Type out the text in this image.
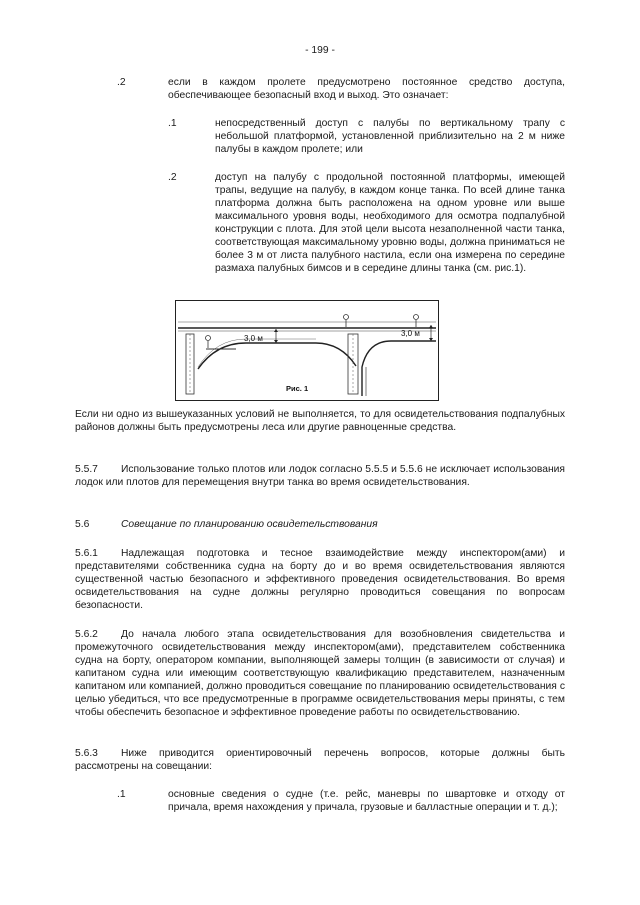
- 199 -
.2	если в каждом пролете предусмотрено постоянное средство доступа, обеспечивающее безопасный вход и выход. Это означает:
.1	непосредственный доступ с палубы по вертикальному трапу с небольшой платформой, установленной приблизительно на 2 м ниже палубы в каждом пролете; или
.2	доступ на палубу с продольной постоянной платформы, имеющей трапы, ведущие на палубу, в каждом конце танка. По всей длине танка платформа должна быть расположена на одном уровне или выше максимального уровня воды, необходимого для осмотра подпалубной конструкции с плота. Для этой цели высота незаполненной части танка, соответствующая максимальному уровню воды, должна приниматься не более 3 м от листа палубного настила, если она измерена по середине размаха палубных бимсов и в середине длины танка (см. рис.1).
3,0 м
3,0 м
Рис. 1
Если ни одно из вышеуказанных условий не выполняется, то для освидетельствования подпалубных районов должны быть предусмотрены леса или другие равноценные средства.
5.5.7 Использование только плотов или лодок согласно 5.5.5 и 5.5.6 не исключает использования лодок или плотов для перемещения внутри танка во время освидетельствования.
5.6	Совещание по планированию освидетельствования
5.6.1 Надлежащая подготовка и тесное взаимодействие между инспектором(ами) и представителями собственника судна на борту до и во время освидетельствования являются существенной частью безопасного и эффективного проведения освидетельствования. Во время освидетельствования на судне должны регулярно проводиться совещания по вопросам безопасности.
5.6.2 До начала любого этапа освидетельствования для возобновления свидетельства и промежуточного освидетельствования между инспектором(ами), представителем собственника судна на борту, оператором компании, выполняющей замеры толщин (в зависимости от случая) и капитаном судна или имеющим соответствующую квалификацию представителем, назначенным капитаном или компанией, должно проводиться совещание по планированию освидетельствования с целью убедиться, что все предусмотренные в программе освидетельствования меры приняты, с тем чтобы обеспечить безопасное и эффективное проведение работы по освидетельствованию.
5.6.3 Ниже приводится ориентировочный перечень вопросов, которые должны быть рассмотрены на совещании:
.1	основные сведения о судне (т.е. рейс, маневры по швартовке и отходу от причала, время нахождения у причала, грузовые и балластные операции и т. д.);
